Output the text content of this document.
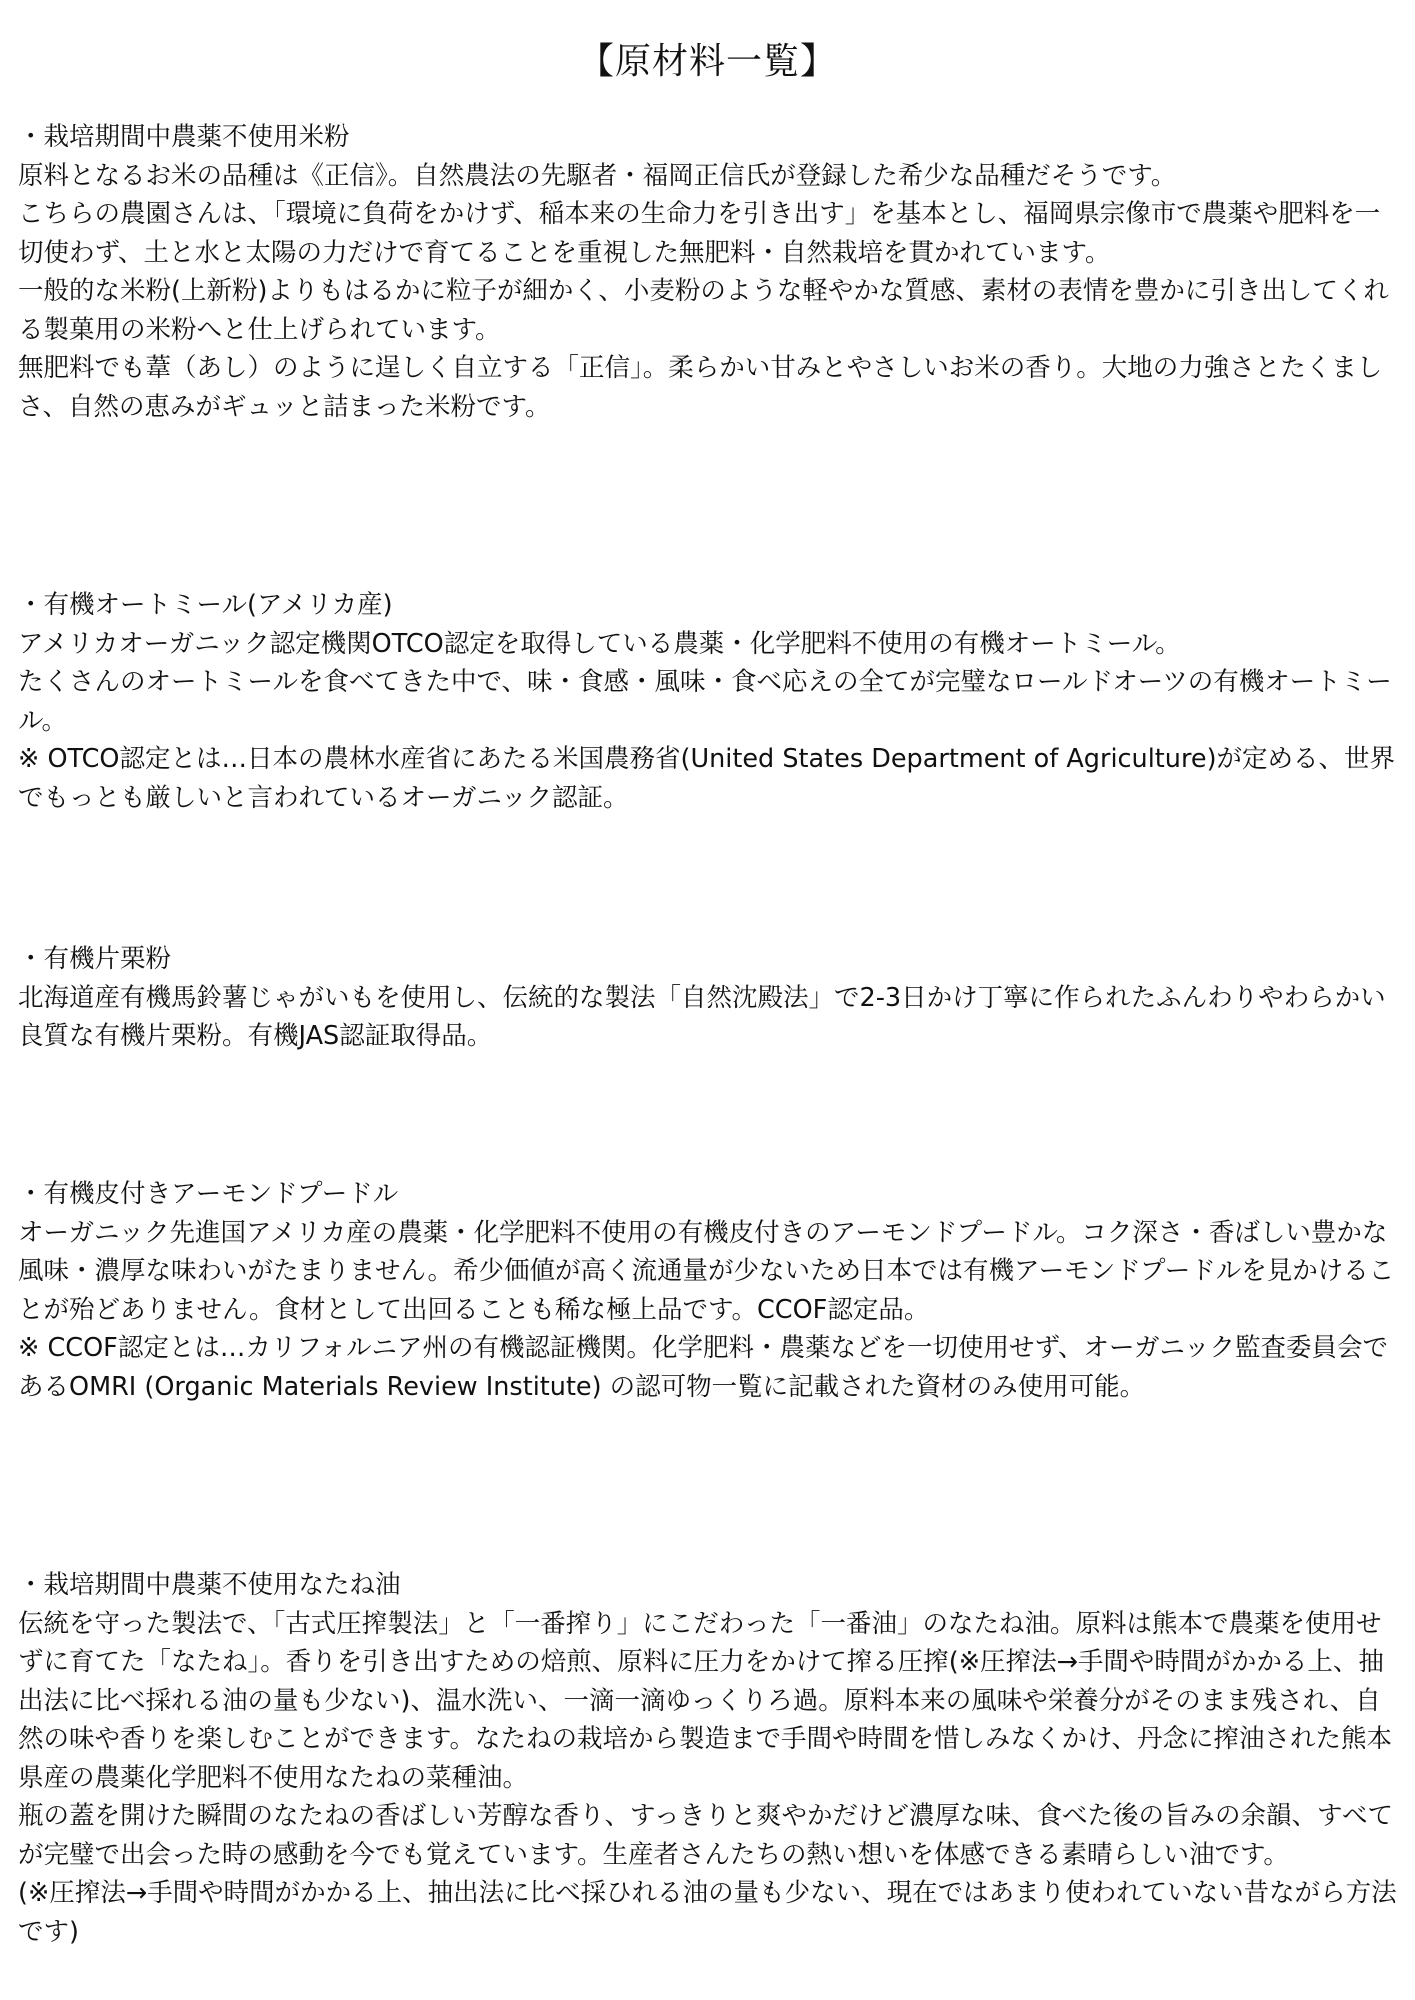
【原材料一覧】
・栽培期間中農薬不使用米粉

原料となるお米の品種は《正信》。自然農法の先駆者・福岡正信氏が登録した希少な品種だそうです。

こちらの農園さんは、「環境に負荷をかけず、稲本来の生命力を引き出す」を基本とし、福岡県宗像市で農薬や肥料を一切使わず、土と水と太陽の力だけで育てることを重視した無肥料・自然栽培を貫かれています。

一般的な米粉(上新粉)よりもはるかに粒子が細かく、小麦粉のような軽やかな質感、素材の表情を豊かに引き出してくれる製菓用の米粉へと仕上げられています。

無肥料でも葦（あし）のように逞しく自立する「正信」。柔らかい甘みとやさしいお米の香り。大地の力強さとたくましさ、自然の恵みがギュッと詰まった米粉です。

・有機オートミール(アメリカ産)

アメリカオーガニック認定機関OTCO認定を取得している農薬・化学肥料不使用の有機オートミール。

たくさんのオートミールを食べてきた中で、味・食感・風味・食べ応えの全てが完璧なロールドオーツの有機オートミール。

※ OTCO認定とは…日本の農林水産省にあたる米国農務省(United States Department of Agriculture)が定める、世界でもっとも厳しいと言われているオーガニック認証。

・有機片栗粉

北海道産有機馬鈴薯じゃがいもを使用し、伝統的な製法「自然沈殿法」で2-3日かけ丁寧に作られたふんわりやわらかい良質な有機片栗粉。有機JAS認証取得品。

・有機皮付きアーモンドプードル

オーガニック先進国アメリカ産の農薬・化学肥料不使用の有機皮付きのアーモンドプードル。コク深さ・香ばしい豊かな風味・濃厚な味わいがたまりません。希少価値が高く流通量が少ないため日本では有機アーモンドプードルを見かけることが殆どありません。食材として出回ることも稀な極上品です。CCOF認定品。

※ CCOF認定とは…カリフォルニア州の有機認証機関。化学肥料・農薬などを一切使用せず、オーガニック監査委員会であるOMRI (Organic Materials Review Institute) の認可物一覧に記載された資材のみ使用可能。

・栽培期間中農薬不使用なたね油

伝統を守った製法で、「古式圧搾製法」と「一番搾り」にこだわった「一番油」のなたね油。原料は熊本で農薬を使用せずに育てた「なたね」。香りを引き出すための焙煎、原料に圧力をかけて搾る圧搾(※圧搾法→手間や時間がかかる上、抽出法に比べ採れる油の量も少ない)、温水洗い、一滴一滴ゆっくりろ過。原料本来の風味や栄養分がそのまま残され、自然の味や香りを楽しむことができます。なたねの栽培から製造まで手間や時間を惜しみなくかけ、丹念に搾油された熊本県産の農薬化学肥料不使用なたねの菜種油。

瓶の蓋を開けた瞬間のなたねの香ばしい芳醇な香り、すっきりと爽やかだけど濃厚な味、食べた後の旨みの余韻、すべてが完璧で出会った時の感動を今でも覚えています。生産者さんたちの熱い想いを体感できる素晴らしい油です。

(※圧搾法→手間や時間がかかる上、抽出法に比べ採ひれる油の量も少ない、現在ではあまり使われていない昔ながら方法です)
